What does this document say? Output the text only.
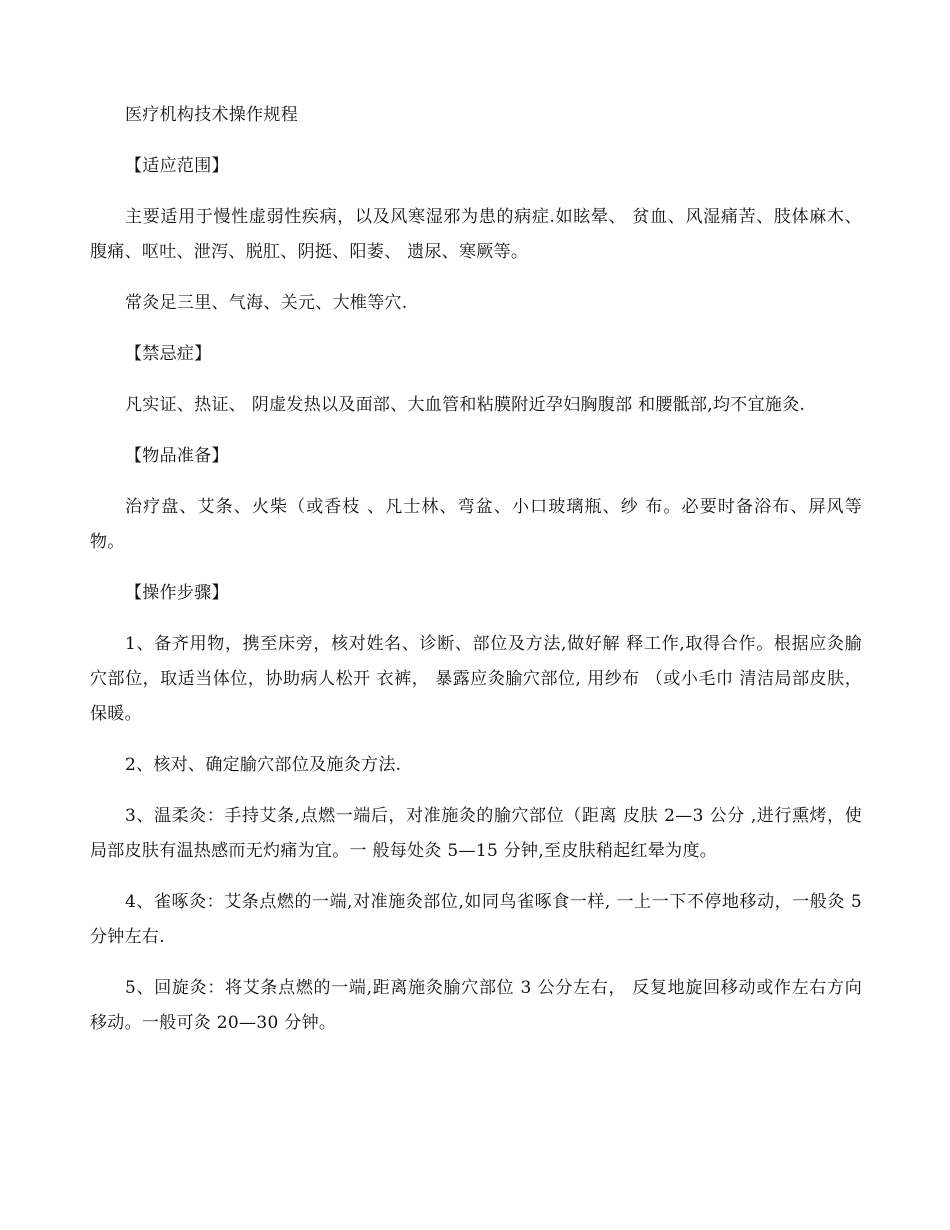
医疗机构技术操作规程

【适应范围】

主要适用于慢性虚弱性疾病，以及风寒湿邪为患的病症.如眩晕、 贫血、风湿痛苦、肢体麻木、腹痛、呕吐、泄泻、脱肛、阴挺、阳萎、 遗尿、寒厥等。

常灸足三里、气海、关元、大椎等穴.

【禁忌症】

凡实证、热证、 阴虚发热以及面部、大血管和粘膜附近孕妇胸腹部 和腰骶部,均不宜施灸.

【物品准备】

治疗盘、艾条、火柴（或香枝 、凡士林、弯盆、小口玻璃瓶、纱 布。必要时备浴布、屏风等物。

【操作步骤】

1、备齐用物，携至床旁，核对姓名、诊断、部位及方法,做好解 释工作,取得合作。根据应灸腧穴部位，取适当体位，协助病人松开 衣裤， 暴露应灸腧穴部位, 用纱布 （或小毛巾 清洁局部皮肤， 保暖。

2、核对、确定腧穴部位及施灸方法.

3、温柔灸：手持艾条,点燃一端后，对准施灸的腧穴部位（距离 皮肤 2—3 公分 ,进行熏烤，使局部皮肤有温热感而无灼痛为宜。一 般每处灸 5—15 分钟,至皮肤稍起红晕为度。

4、雀啄灸：艾条点燃的一端,对准施灸部位,如同鸟雀啄食一样, 一上一下不停地移动，一般灸 5 分钟左右.

5、回旋灸：将艾条点燃的一端,距离施灸腧穴部位 3 公分左右， 反复地旋回移动或作左右方向移动。一般可灸 20—30 分钟。
